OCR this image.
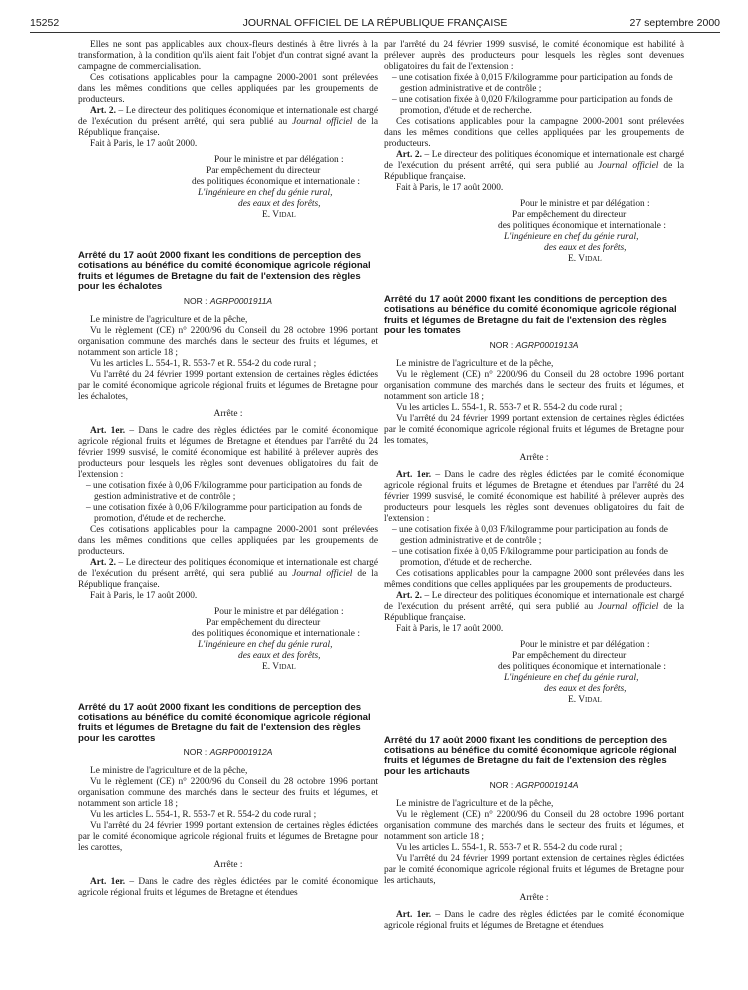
15252	JOURNAL OFFICIEL DE LA RÉPUBLIQUE FRANÇAISE	27 septembre 2000

Elles ne sont pas applicables aux choux-fleurs destinés à être livrés à la transformation, à la condition qu'ils aient fait l'objet d'un contrat signé avant la campagne de commercialisation.

Ces cotisations applicables pour la campagne 2000-2001 sont prélevées dans les mêmes conditions que celles appliquées par les groupements de producteurs.

Art. 2. – Le directeur des politiques économique et internationale est chargé de l'exécution du présent arrêté, qui sera publié au Journal officiel de la République française.

Fait à Paris, le 17 août 2000.

Pour le ministre et par délégation :
Par empêchement du directeur
des politiques économique et internationale :
L'ingénieure en chef du génie rural,
des eaux et des forêts,
E. Vidal
Arrêté du 17 août 2000 fixant les conditions de perception des cotisations au bénéfice du comité économique agricole régional fruits et légumes de Bretagne du fait de l'extension des règles pour les échalotes
NOR : AGRP0001911A

Le ministre de l'agriculture et de la pêche,

Vu le règlement (CE) n° 2200/96 du Conseil du 28 octobre 1996 portant organisation commune des marchés dans le secteur des fruits et légumes, et notamment son article 18 ;

Vu les articles L. 554-1, R. 553-7 et R. 554-2 du code rural ;

Vu l'arrêté du 24 février 1999 portant extension de certaines règles édictées par le comité économique agricole régional fruits et légumes de Bretagne pour les échalotes,

Arrête :

Art. 1er. – Dans le cadre des règles édictées par le comité économique agricole régional fruits et légumes de Bretagne et étendues par l'arrêté du 24 février 1999 susvisé, le comité économique est habilité à prélever auprès des producteurs pour lesquels les règles sont devenues obligatoires du fait de l'extension :

– une cotisation fixée à 0,06 F/kilogramme pour participation au fonds de gestion administrative et de contrôle ;

– une cotisation fixée à 0,06 F/kilogramme pour participation au fonds de promotion, d'étude et de recherche.

Ces cotisations applicables pour la campagne 2000-2001 sont prélevées dans les mêmes conditions que celles appliquées par les groupements de producteurs.

Art. 2. – Le directeur des politiques économique et internationale est chargé de l'exécution du présent arrêté, qui sera publié au Journal officiel de la République française.

Fait à Paris, le 17 août 2000.

Pour le ministre et par délégation :
Par empêchement du directeur
des politiques économique et internationale :
L'ingénieure en chef du génie rural,
des eaux et des forêts,
E. Vidal
Arrêté du 17 août 2000 fixant les conditions de perception des cotisations au bénéfice du comité économique agricole régional fruits et légumes de Bretagne du fait de l'extension des règles pour les carottes
NOR : AGRP0001912A

Le ministre de l'agriculture et de la pêche,

Vu le règlement (CE) n° 2200/96 du Conseil du 28 octobre 1996 portant organisation commune des marchés dans le secteur des fruits et légumes, et notamment son article 18 ;

Vu les articles L. 554-1, R. 553-7 et R. 554-2 du code rural ;

Vu l'arrêté du 24 février 1999 portant extension de certaines règles édictées par le comité économique agricole régional fruits et légumes de Bretagne pour les carottes,

Arrête :

Art. 1er. – Dans le cadre des règles édictées par le comité économique agricole régional fruits et légumes de Bretagne et étendues

par l'arrêté du 24 février 1999 susvisé, le comité économique est habilité à prélever auprès des producteurs pour lesquels les règles sont devenues obligatoires du fait de l'extension :

– une cotisation fixée à 0,015 F/kilogramme pour participation au fonds de gestion administrative et de contrôle ;

– une cotisation fixée à 0,020 F/kilogramme pour participation au fonds de promotion, d'étude et de recherche.

Ces cotisations applicables pour la campagne 2000-2001 sont prélevées dans les mêmes conditions que celles appliquées par les groupements de producteurs.

Art. 2. – Le directeur des politiques économique et internationale est chargé de l'exécution du présent arrêté, qui sera publié au Journal officiel de la République française.

Fait à Paris, le 17 août 2000.

Pour le ministre et par délégation :
Par empêchement du directeur
des politiques économique et internationale :
L'ingénieure en chef du génie rural,
des eaux et des forêts,
E. Vidal
Arrêté du 17 août 2000 fixant les conditions de perception des cotisations au bénéfice du comité économique agricole régional fruits et légumes de Bretagne du fait de l'extension des règles pour les tomates
NOR : AGRP0001913A

Le ministre de l'agriculture et de la pêche,

Vu le règlement (CE) n° 2200/96 du Conseil du 28 octobre 1996 portant organisation commune des marchés dans le secteur des fruits et légumes, et notamment son article 18 ;

Vu les articles L. 554-1, R. 553-7 et R. 554-2 du code rural ;

Vu l'arrêté du 24 février 1999 portant extension de certaines règles édictées par le comité économique agricole régional fruits et légumes de Bretagne pour les tomates,

Arrête :

Art. 1er. – Dans le cadre des règles édictées par le comité économique agricole régional fruits et légumes de Bretagne et étendues par l'arrêté du 24 février 1999 susvisé, le comité économique est habilité à prélever auprès des producteurs pour lesquels les règles sont devenues obligatoires du fait de l'extension :

– une cotisation fixée à 0,03 F/kilogramme pour participation au fonds de gestion administrative et de contrôle ;

– une cotisation fixée à 0,05 F/kilogramme pour participation au fonds de promotion, d'étude et de recherche.

Ces cotisations applicables pour la campagne 2000 sont prélevées dans les mêmes conditions que celles appliquées par les groupements de producteurs.

Art. 2. – Le directeur des politiques économique et internationale est chargé de l'exécution du présent arrêté, qui sera publié au Journal officiel de la République française.

Fait à Paris, le 17 août 2000.

Pour le ministre et par délégation :
Par empêchement du directeur
des politiques économique et internationale :
L'ingénieure en chef du génie rural,
des eaux et des forêts,
E. Vidal
Arrêté du 17 août 2000 fixant les conditions de perception des cotisations au bénéfice du comité économique agricole régional fruits et légumes de Bretagne du fait de l'extension des règles pour les artichauts
NOR : AGRP0001914A

Le ministre de l'agriculture et de la pêche,

Vu le règlement (CE) n° 2200/96 du Conseil du 28 octobre 1996 portant organisation commune des marchés dans le secteur des fruits et légumes, et notamment son article 18 ;

Vu les articles L. 554-1, R. 553-7 et R. 554-2 du code rural ;

Vu l'arrêté du 24 février 1999 portant extension de certaines règles édictées par le comité économique agricole régional fruits et légumes de Bretagne pour les artichauts,

Arrête :

Art. 1er. – Dans le cadre des règles édictées par le comité économique agricole régional fruits et légumes de Bretagne et étendues
